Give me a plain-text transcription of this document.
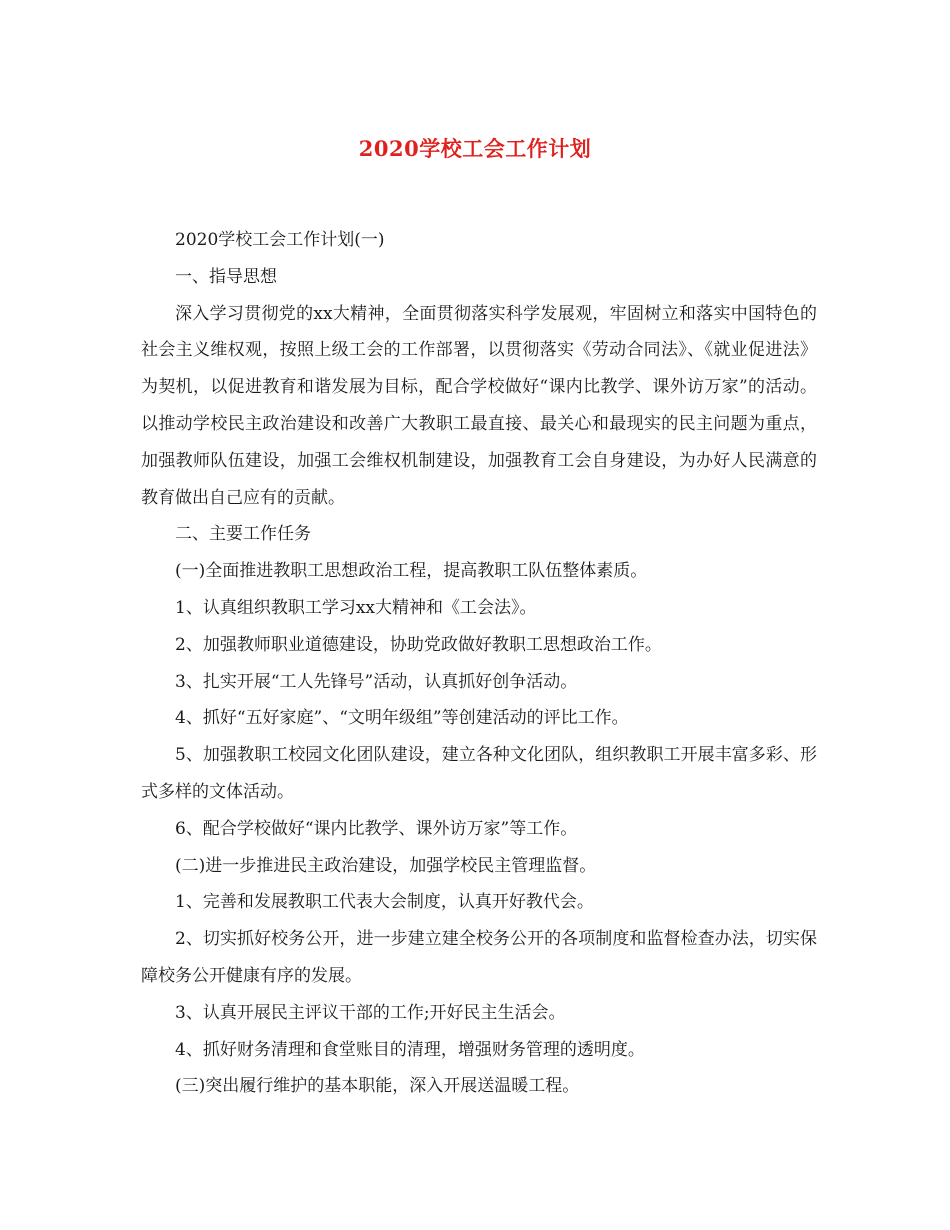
2020学校工会工作计划

2020学校工会工作计划(一)

一、指导思想

深入学习贯彻党的xx大精神，全面贯彻落实科学发展观，牢固树立和落实中国特色的社会主义维权观，按照上级工会的工作部署，以贯彻落实《劳动合同法》、《就业促进法》为契机，以促进教育和谐发展为目标，配合学校做好“课内比教学、课外访万家”的活动。以推动学校民主政治建设和改善广大教职工最直接、最关心和最现实的民主问题为重点，加强教师队伍建设，加强工会维权机制建设，加强教育工会自身建设，为办好人民满意的教育做出自己应有的贡献。

二、主要工作任务

(一)全面推进教职工思想政治工程，提高教职工队伍整体素质。

1、认真组织教职工学习xx大精神和《工会法》。

2、加强教师职业道德建设，协助党政做好教职工思想政治工作。

3、扎实开展“工人先锋号”活动，认真抓好创争活动。

4、抓好“五好家庭”、“文明年级组”等创建活动的评比工作。

5、加强教职工校园文化团队建设，建立各种文化团队，组织教职工开展丰富多彩、形式多样的文体活动。

6、配合学校做好“课内比教学、课外访万家”等工作。

(二)进一步推进民主政治建设，加强学校民主管理监督。

1、完善和发展教职工代表大会制度，认真开好教代会。

2、切实抓好校务公开，进一步建立建全校务公开的各项制度和监督检查办法，切实保障校务公开健康有序的发展。

3、认真开展民主评议干部的工作;开好民主生活会。

4、抓好财务清理和食堂账目的清理，增强财务管理的透明度。

(三)突出履行维护的基本职能，深入开展送温暖工程。
